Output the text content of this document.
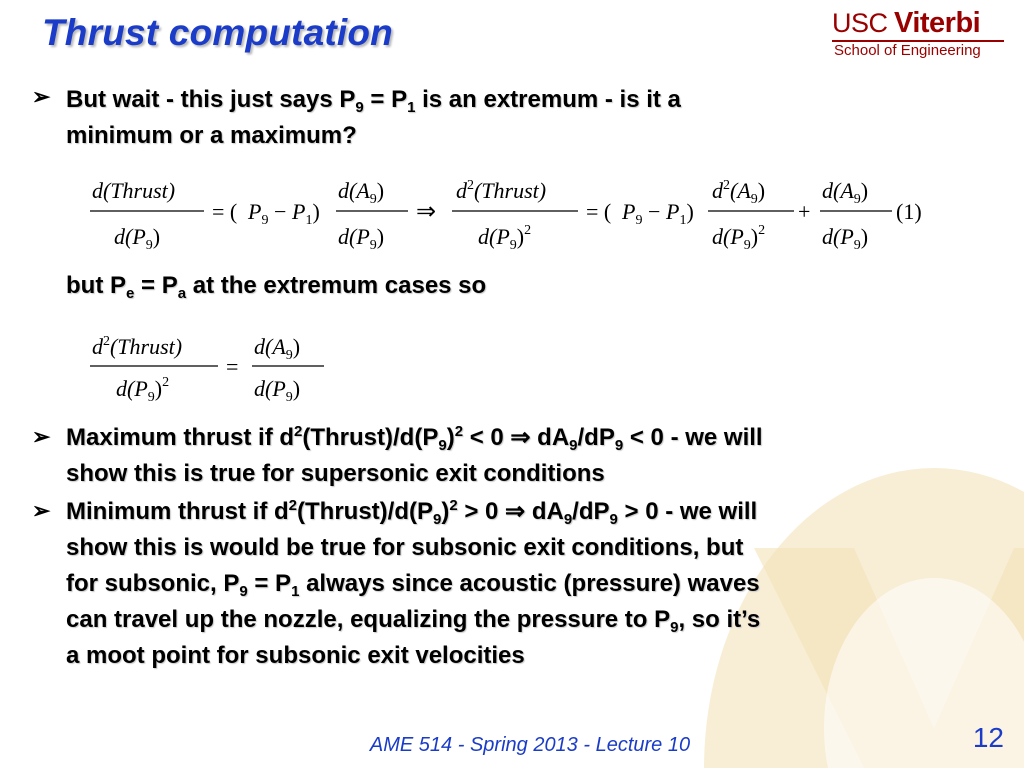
Thrust computation	USC Viterbi
School of Engineering
➢ But wait - this just says $P_9 = P_1$ is an extremum - is it a
minimum or a maximum?
d(Thrust)
$d(P_9)$
= ( $P_9 - P_1$)
$d(A_9)$
$d(P_9)$
⇒
$d^2(Thrust)$
$d(P_9)^2$
= ( $P_9 - P_1$)
$d^2(A_9)$
$d(P_9)^2$
+
$d(A_9)$
$d(P_9)$
(1)
but $P_e = P_a$ at the extremum cases so
$d^2(Thrust)$
$d(P_9)^2$
=
$d(A_9)$
$d(P_9)$
➢ Maximum thrust if $d^2(Thrust)/d(P_9)^2 < 0$ ⇒ $dA_9/dP_9 < 0$ - we will
show this is true for supersonic exit conditions
➢ Minimum thrust if $d^2(Thrust)/d(P_9)^2 > 0$ ⇒ $dA_9/dP_9 > 0$ - we will
show this is would be true for subsonic exit conditions, but
for subsonic, $P_9 = P_1$ always since acoustic (pressure) waves
can travel up the nozzle, equalizing the pressure to $P_9$, so it’s
a moot point for subsonic exit velocities
AME 514 - Spring 2013 - Lecture 10	12
